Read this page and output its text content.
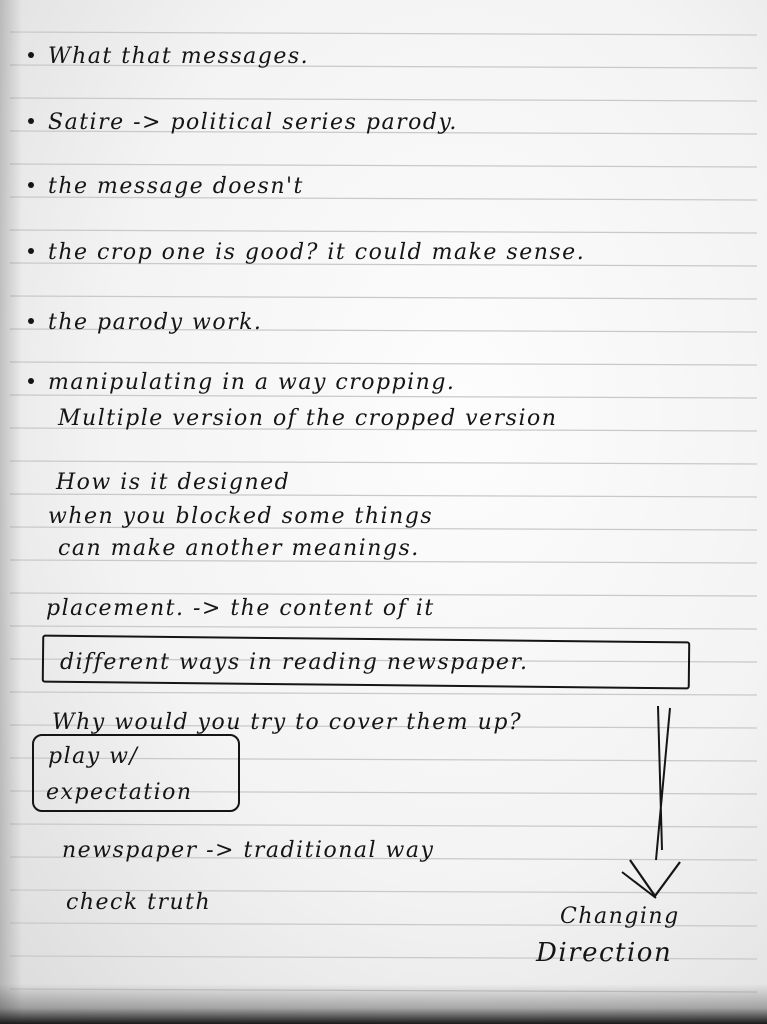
What that messages.
Satire -> political series parody.
the message doesn't
the crop one is good? it could make sense.
the parody work.
manipulating in a way cropping.
Multiple version of the cropped version
How is it designed
when you blocked some things
can make another meanings.
placement. -> the content of it
different ways in reading newspaper.
Why would you try to cover them up?
play w/
expectation
newspaper -> traditional way
check truth
Changing
Direction
